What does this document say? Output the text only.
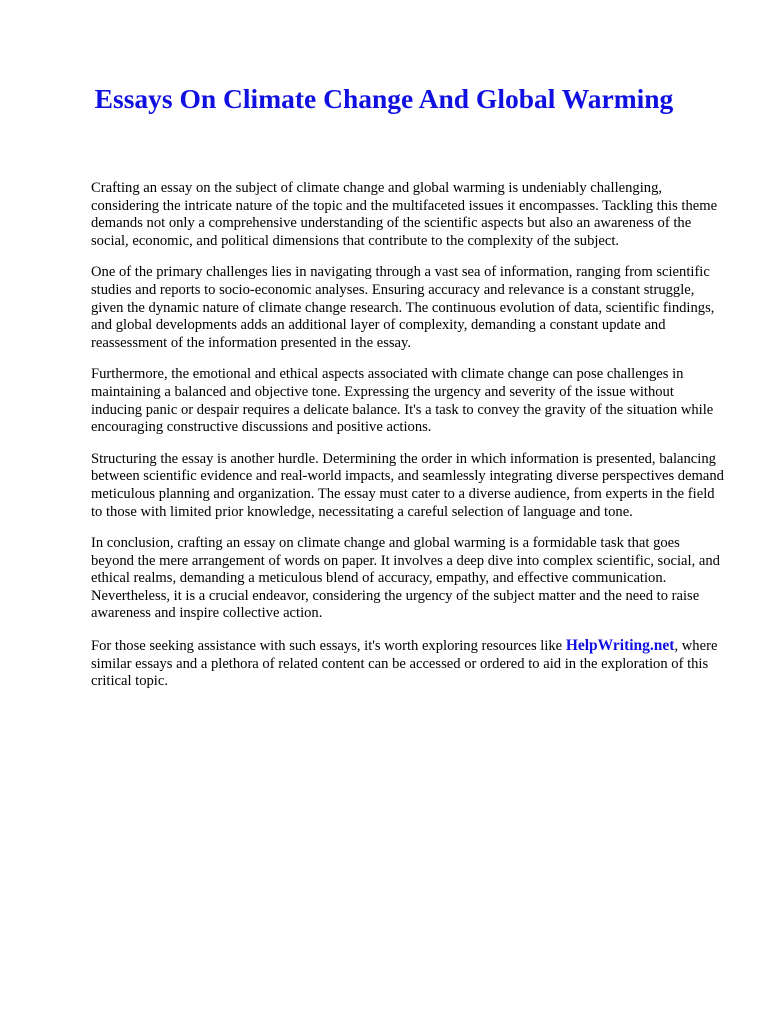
Essays On Climate Change And Global Warming

Crafting an essay on the subject of climate change and global warming is undeniably challenging, considering the intricate nature of the topic and the multifaceted issues it encompasses. Tackling this theme demands not only a comprehensive understanding of the scientific aspects but also an awareness of the social, economic, and political dimensions that contribute to the complexity of the subject.

One of the primary challenges lies in navigating through a vast sea of information, ranging from scientific studies and reports to socio-economic analyses. Ensuring accuracy and relevance is a constant struggle, given the dynamic nature of climate change research. The continuous evolution of data, scientific findings, and global developments adds an additional layer of complexity, demanding a constant update and reassessment of the information presented in the essay.

Furthermore, the emotional and ethical aspects associated with climate change can pose challenges in maintaining a balanced and objective tone. Expressing the urgency and severity of the issue without inducing panic or despair requires a delicate balance. It's a task to convey the gravity of the situation while encouraging constructive discussions and positive actions.

Structuring the essay is another hurdle. Determining the order in which information is presented, balancing between scientific evidence and real-world impacts, and seamlessly integrating diverse perspectives demand meticulous planning and organization. The essay must cater to a diverse audience, from experts in the field to those with limited prior knowledge, necessitating a careful selection of language and tone.

In conclusion, crafting an essay on climate change and global warming is a formidable task that goes beyond the mere arrangement of words on paper. It involves a deep dive into complex scientific, social, and ethical realms, demanding a meticulous blend of accuracy, empathy, and effective communication. Nevertheless, it is a crucial endeavor, considering the urgency of the subject matter and the need to raise awareness and inspire collective action.

For those seeking assistance with such essays, it's worth exploring resources like HelpWriting.net, where similar essays and a plethora of related content can be accessed or ordered to aid in the exploration of this critical topic.
